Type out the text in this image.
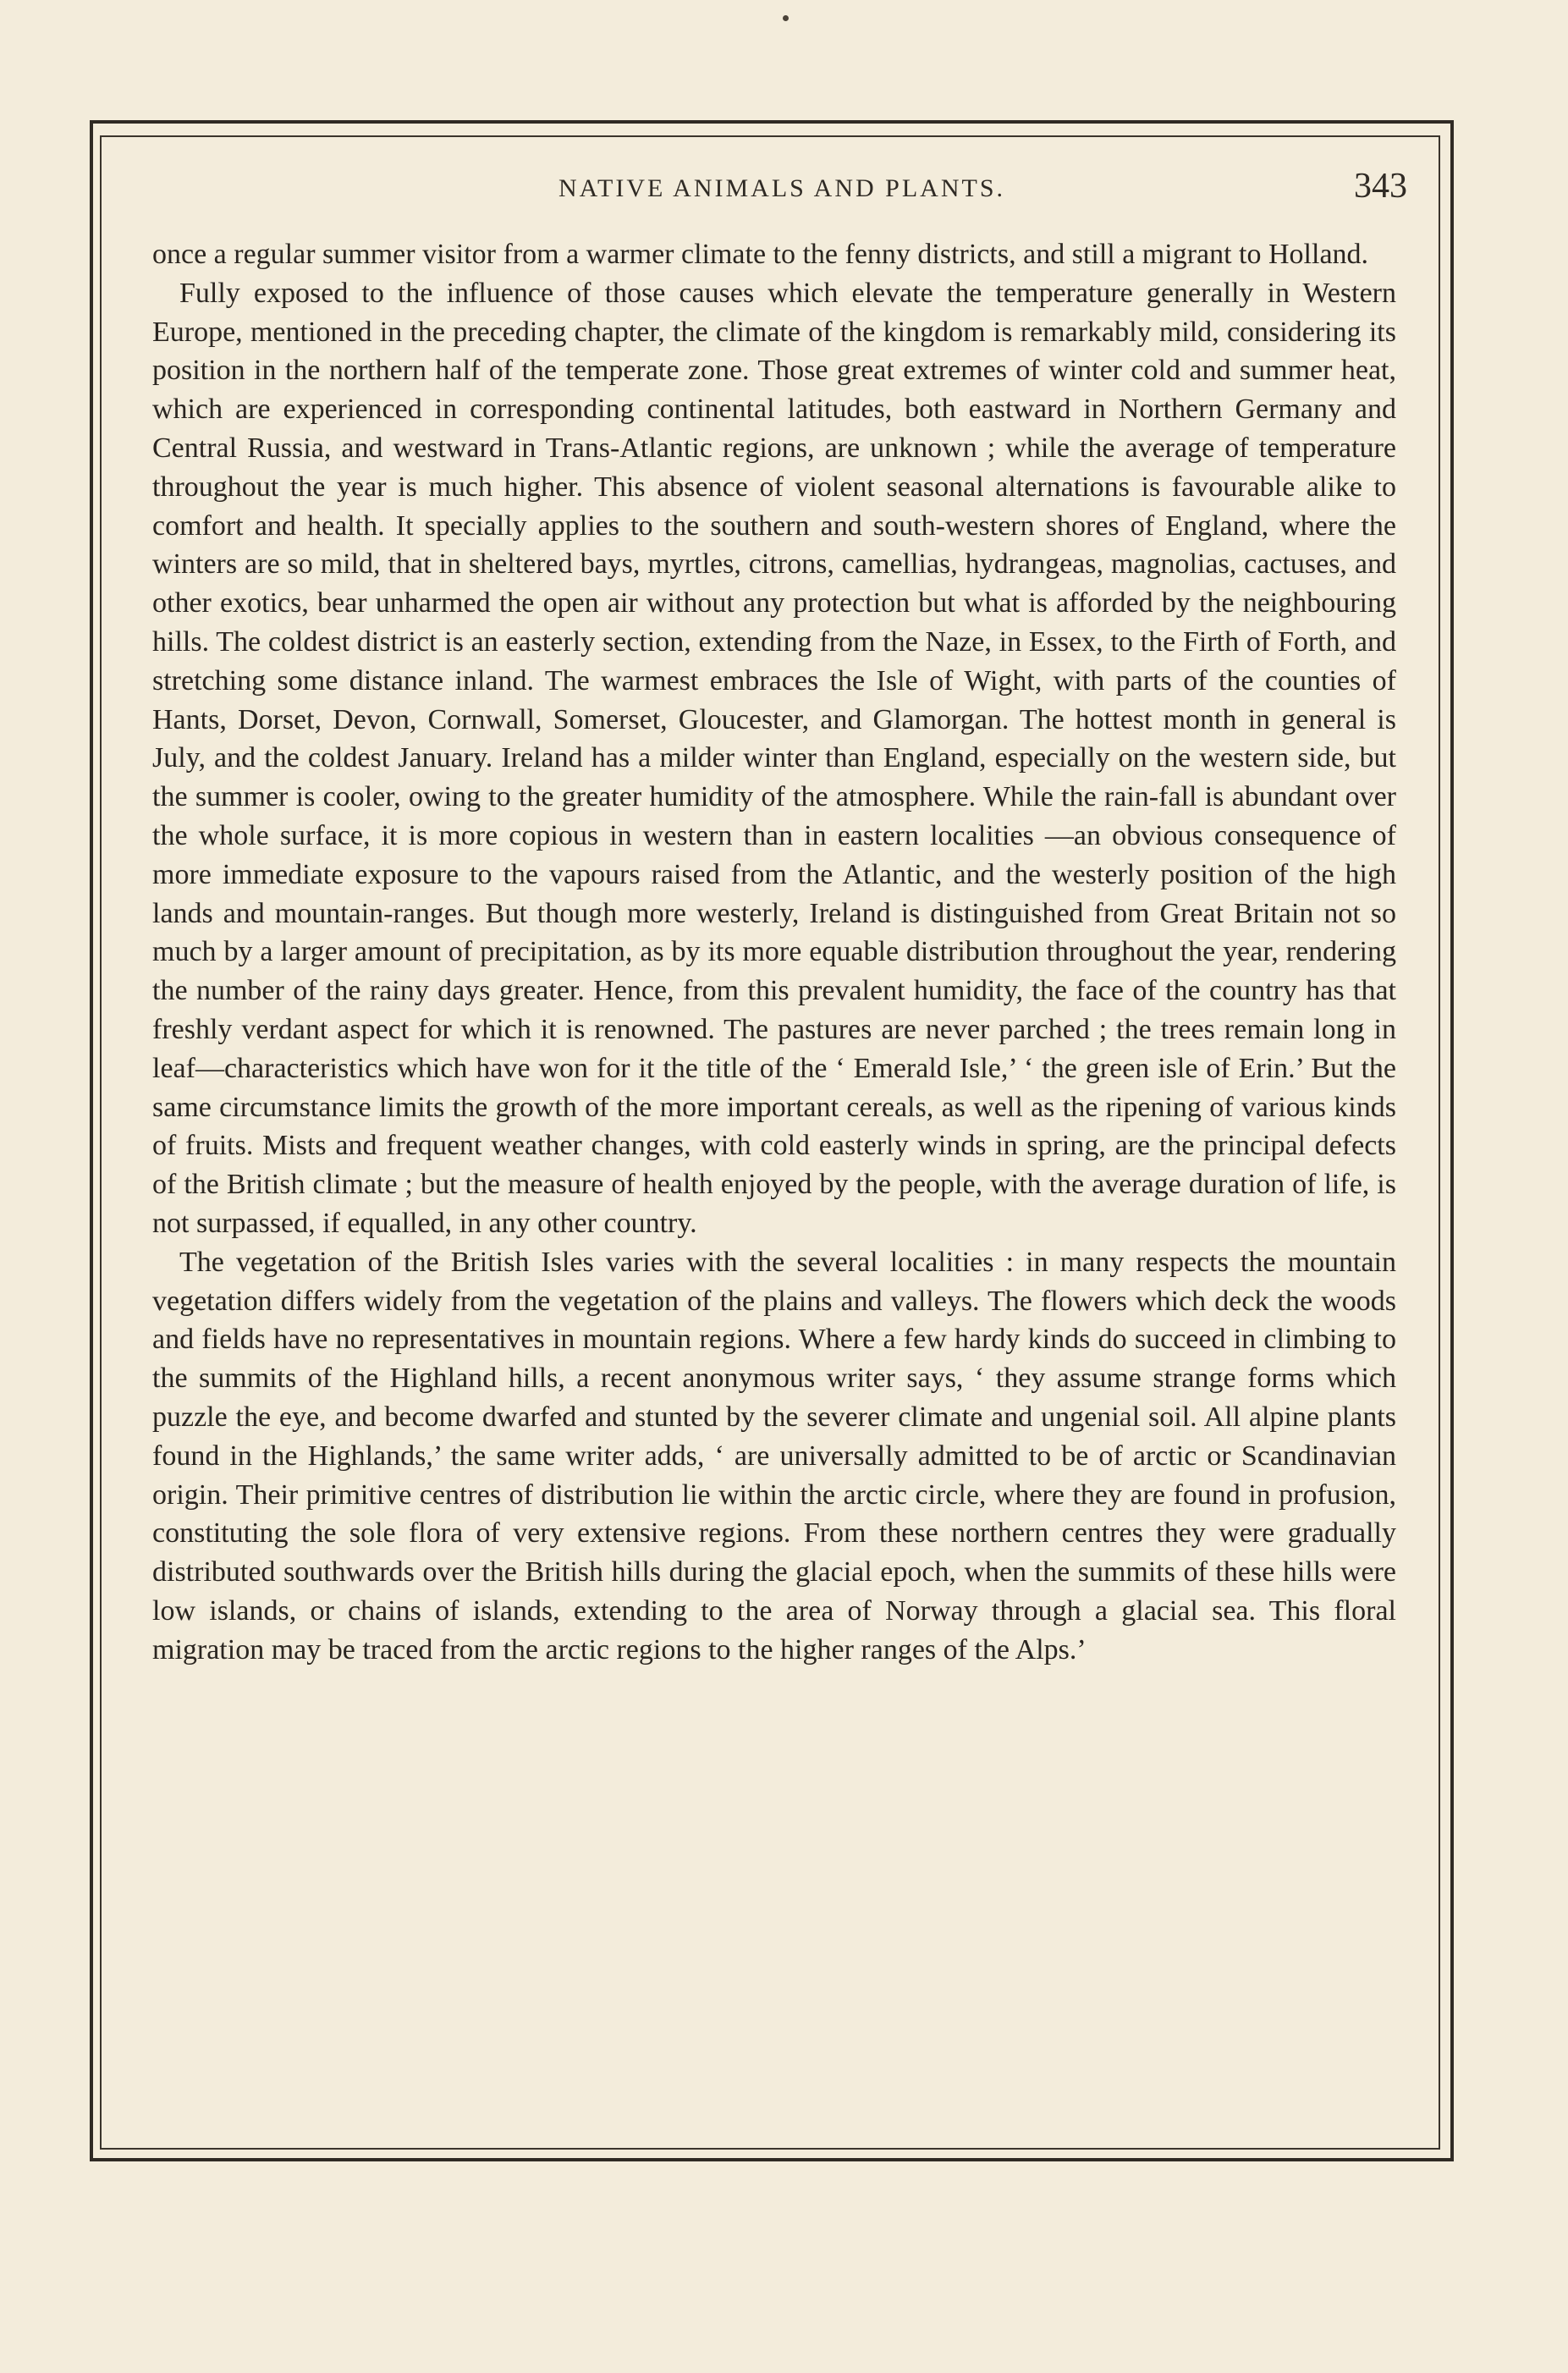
NATIVE ANIMALS AND PLANTS.	343

once a regular summer visitor from a warmer climate to the fenny districts, and still a migrant to Holland.

Fully exposed to the influence of those causes which elevate the temperature generally in Western Europe, mentioned in the preceding chapter, the climate of the kingdom is remarkably mild, considering its position in the northern half of the temperate zone. Those great extremes of winter cold and summer heat, which are experienced in corresponding continental latitudes, both eastward in Northern Germany and Central Russia, and westward in Trans-Atlantic regions, are unknown ; while the average of temperature throughout the year is much higher. This absence of violent seasonal alternations is favourable alike to comfort and health. It specially applies to the southern and south-western shores of England, where the winters are so mild, that in sheltered bays, myrtles, citrons, camellias, hydrangeas, magnolias, cactuses, and other exotics, bear unharmed the open air without any protection but what is afforded by the neighbouring hills. The coldest district is an easterly section, extending from the Naze, in Essex, to the Firth of Forth, and stretching some distance inland. The warmest embraces the Isle of Wight, with parts of the counties of Hants, Dorset, Devon, Cornwall, Somerset, Gloucester, and Glamorgan. The hottest month in general is July, and the coldest January. Ireland has a milder winter than England, especially on the western side, but the summer is cooler, owing to the greater humidity of the atmosphere. While the rain-fall is abundant over the whole surface, it is more copious in western than in eastern localities —an obvious consequence of more immediate exposure to the vapours raised from the Atlantic, and the westerly position of the high lands and mountain-ranges. But though more westerly, Ireland is distinguished from Great Britain not so much by a larger amount of precipitation, as by its more equable distribution throughout the year, rendering the number of the rainy days greater. Hence, from this prevalent humidity, the face of the country has that freshly verdant aspect for which it is renowned. The pastures are never parched ; the trees remain long in leaf—characteristics which have won for it the title of the ‘ Emerald Isle,’ ‘ the green isle of Erin.’ But the same circumstance limits the growth of the more important cereals, as well as the ripening of various kinds of fruits. Mists and frequent weather changes, with cold easterly winds in spring, are the principal defects of the British climate ; but the measure of health enjoyed by the people, with the average duration of life, is not surpassed, if equalled, in any other country.

The vegetation of the British Isles varies with the several localities : in many respects the mountain vegetation differs widely from the vegetation of the plains and valleys. The flowers which deck the woods and fields have no representatives in mountain regions. Where a few hardy kinds do succeed in climbing to the summits of the Highland hills, a recent anonymous writer says, ‘ they assume strange forms which puzzle the eye, and become dwarfed and stunted by the severer climate and ungenial soil. All alpine plants found in the Highlands,’ the same writer adds, ‘ are universally admitted to be of arctic or Scandinavian origin. Their primitive centres of distribution lie within the arctic circle, where they are found in profusion, constituting the sole flora of very extensive regions. From these northern centres they were gradually distributed southwards over the British hills during the glacial epoch, when the summits of these hills were low islands, or chains of islands, extending to the area of Norway through a glacial sea. This floral migration may be traced from the arctic regions to the higher ranges of the Alps.’
